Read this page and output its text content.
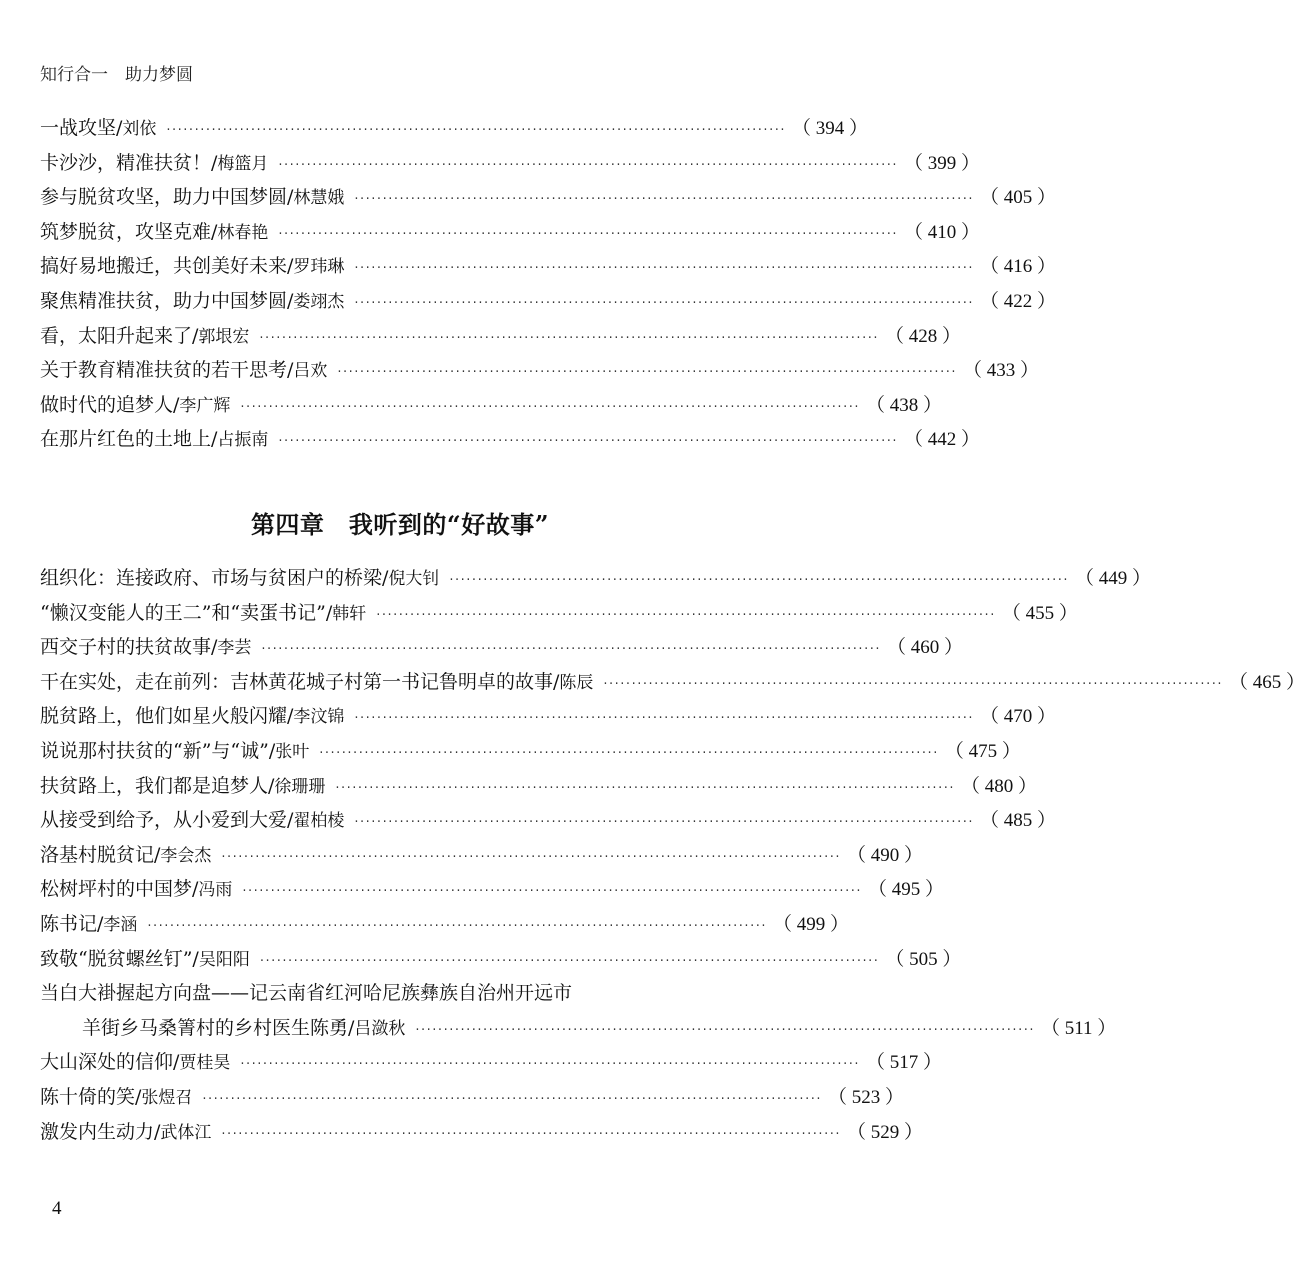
知行合一　助力梦圆
一战攻坚/刘依 ·············································································································· （ 394 ）
卡沙沙，精准扶贫！/梅篮月 ·············································································································· （ 399 ）
参与脱贫攻坚，助力中国梦圆/林慧娥 ·············································································································· （ 405 ）
筑梦脱贫，攻坚克难/林春艳 ·············································································································· （ 410 ）
搞好易地搬迁，共创美好未来/罗玮琳 ·············································································································· （ 416 ）
聚焦精准扶贫，助力中国梦圆/娄翊杰 ·············································································································· （ 422 ）
看，太阳升起来了/郭垠宏 ·············································································································· （ 428 ）
关于教育精准扶贫的若干思考/吕欢 ·············································································································· （ 433 ）
做时代的追梦人/李广辉 ·············································································································· （ 438 ）
在那片红色的土地上/占振南 ·············································································································· （ 442 ）
第四章　我听到的“好故事”
组织化：连接政府、市场与贫困户的桥梁/倪大钊 ·············································································································· （ 449 ）
“懒汉变能人的王二”和“卖蛋书记”/韩轩 ·············································································································· （ 455 ）
西交子村的扶贫故事/李芸 ·············································································································· （ 460 ）
干在实处，走在前列：吉林黄花城子村第一书记鲁明卓的故事/陈辰 ·············································································································· （ 465 ）
脱贫路上，他们如星火般闪耀/李汶锦 ·············································································································· （ 470 ）
说说那村扶贫的“新”与“诚”/张叶 ·············································································································· （ 475 ）
扶贫路上，我们都是追梦人/徐珊珊 ·············································································································· （ 480 ）
从接受到给予，从小爱到大爱/翟柏棱 ·············································································································· （ 485 ）
洛基村脱贫记/李会杰 ·············································································································· （ 490 ）
松树坪村的中国梦/冯雨 ·············································································································· （ 495 ）
陈书记/李涵 ·············································································································· （ 499 ）
致敬“脱贫螺丝钉”/吴阳阳 ·············································································································· （ 505 ）
当白大褂握起方向盘——记云南省红河哈尼族彝族自治州开远市
羊街乡马桑箐村的乡村医生陈勇/吕潋秋 ·············································································································· （ 511 ）
大山深处的信仰/贾桂昊 ·············································································································· （ 517 ）
陈十倚的笑/张煜召 ·············································································································· （ 523 ）
激发内生动力/武体江 ·············································································································· （ 529 ）
4
